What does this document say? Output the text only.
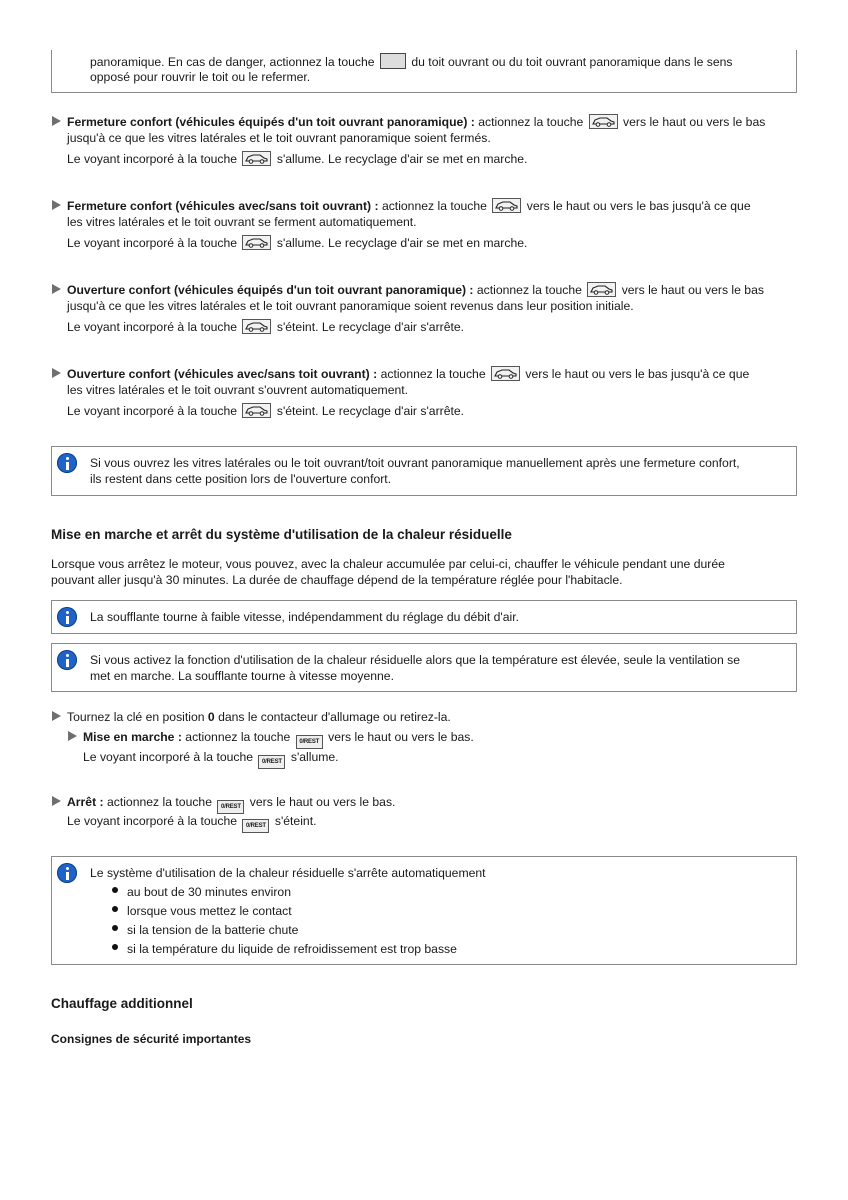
panoramique. En cas de danger, actionnez la touche	du toit ouvrant ou du toit ouvrant panoramique dans le sens
opposé pour rouvrir le toit ou le refermer.
Fermeture confort (véhicules équipés d'un toit ouvrant panoramique) : actionnez la touche	vers le haut ou vers le bas
jusqu'à ce que les vitres latérales et le toit ouvrant panoramique soient fermés.
Le voyant incorporé à la touche	s'allume. Le recyclage d'air se met en marche.
Fermeture confort (véhicules avec/sans toit ouvrant) : actionnez la touche	vers le haut ou vers le bas jusqu'à ce que
les vitres latérales et le toit ouvrant se ferment automatiquement.
Le voyant incorporé à la touche	s'allume. Le recyclage d'air se met en marche.
Ouverture confort (véhicules équipés d'un toit ouvrant panoramique) : actionnez la touche	vers le haut ou vers le bas
jusqu'à ce que les vitres latérales et le toit ouvrant panoramique soient revenus dans leur position initiale.
Le voyant incorporé à la touche	s'éteint. Le recyclage d'air s'arrête.
Ouverture confort (véhicules avec/sans toit ouvrant) : actionnez la touche	vers le haut ou vers le bas jusqu'à ce que
les vitres latérales et le toit ouvrant s'ouvrent automatiquement.
Le voyant incorporé à la touche	s'éteint. Le recyclage d'air s'arrête.
Si vous ouvrez les vitres latérales ou le toit ouvrant/toit ouvrant panoramique manuellement après une fermeture confort,
ils restent dans cette position lors de l'ouverture confort.
Mise en marche et arrêt du système d'utilisation de la chaleur résiduelle
Lorsque vous arrêtez le moteur, vous pouvez, avec la chaleur accumulée par celui-ci, chauffer le véhicule pendant une durée
pouvant aller jusqu'à 30 minutes. La durée de chauffage dépend de la température réglée pour l'habitacle.
La soufflante tourne à faible vitesse, indépendamment du réglage du débit d'air.
Si vous activez la fonction d'utilisation de la chaleur résiduelle alors que la température est élevée, seule la ventilation se
met en marche. La soufflante tourne à vitesse moyenne.
Tournez la clé en position 0 dans le contacteur d'allumage ou retirez-la.
Mise en marche : actionnez la touche 0/REST vers le haut ou vers le bas.
Le voyant incorporé à la touche 0/REST s'allume.
Arrêt : actionnez la touche 0/REST vers le haut ou vers le bas.
Le voyant incorporé à la touche 0/REST s'éteint.
Le système d'utilisation de la chaleur résiduelle s'arrête automatiquement
au bout de 30 minutes environ
lorsque vous mettez le contact
si la tension de la batterie chute
si la température du liquide de refroidissement est trop basse
Chauffage additionnel
Consignes de sécurité importantes
